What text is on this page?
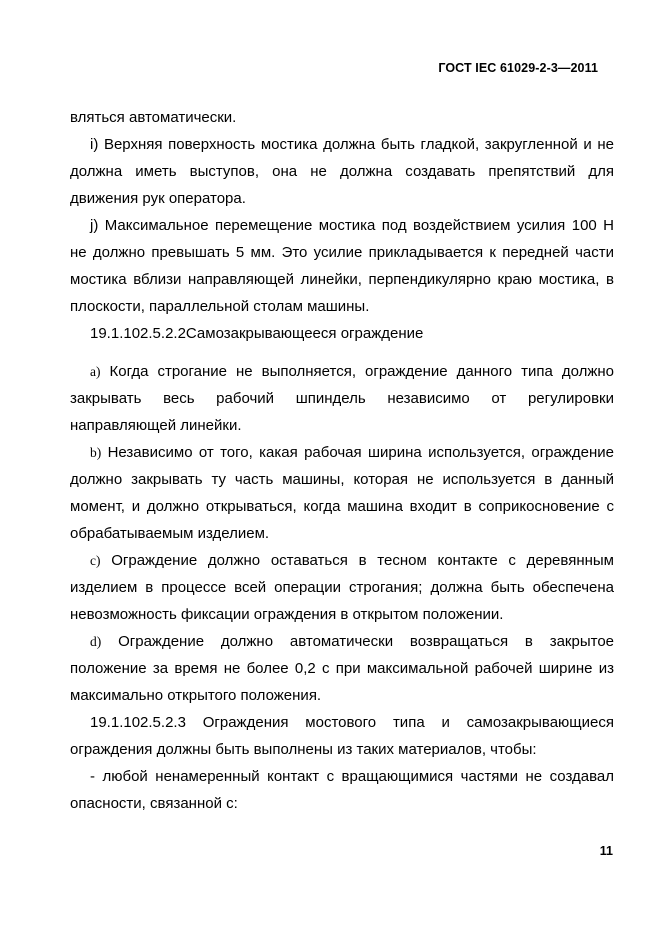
ГОСТ IEC 61029-2-3—2011

вляться автоматически.

i) Верхняя поверхность мостика должна быть гладкой, закругленной и не должна иметь выступов, она не должна создавать препятствий для движения рук оператора.

j) Максимальное перемещение мостика под воздействием усилия 100 Н не должно превышать 5 мм. Это усилие прикладывается к передней части мостика вблизи направляющей линейки, перпендикулярно краю мостика, в плоскости, параллельной столам машины.

19.1.102.5.2.2Самозакрывающееся ограждение

a) Когда строгание не выполняется, ограждение данного типа должно закрывать весь рабочий шпиндель независимо от регулировки направляющей линейки.

b) Независимо от того, какая рабочая ширина используется, ограждение должно закрывать ту часть машины, которая не используется в данный момент, и должно открываться, когда машина входит в соприкосновение с обрабатываемым изделием.

c) Ограждение должно оставаться в тесном контакте с деревянным изделием в процессе всей операции строгания; должна быть обеспечена невозможность фиксации ограждения в открытом положении.

d) Ограждение должно автоматически возвращаться в закрытое положение за время не более 0,2 с при максимальной рабочей ширине из максимально открытого положения.

19.1.102.5.2.3 Ограждения мостового типа и самозакрывающиеся ограждения должны быть выполнены из таких материалов, чтобы:

- любой ненамеренный контакт с вращающимися частями не создавал опасности, связанной с:

11
